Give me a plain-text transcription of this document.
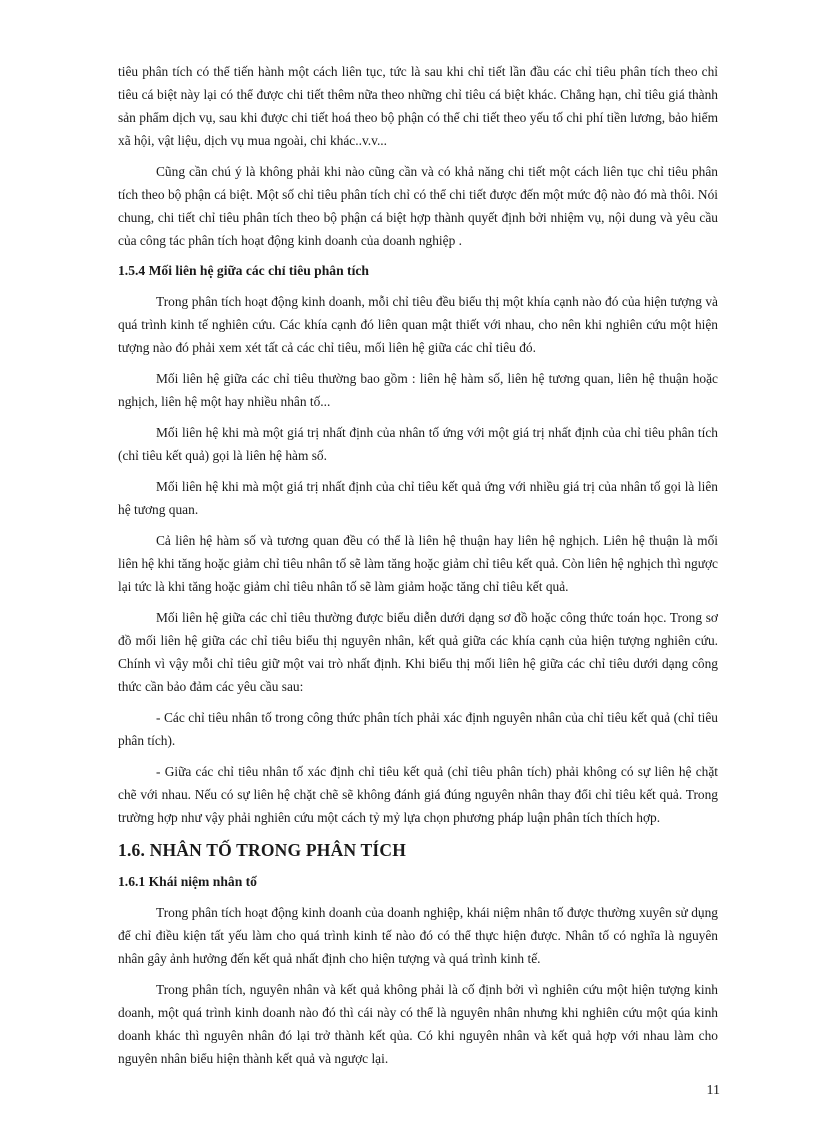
tiêu phân tích có thể tiến hành một cách liên tục, tức là sau khi chỉ tiết lần đầu các chỉ tiêu phân tích theo chỉ tiêu cá biệt này lại có thể được chi tiết thêm nữa theo những chỉ tiêu cá biệt khác. Chẳng hạn, chỉ tiêu giá thành sản phẩm dịch vụ, sau khi được chi tiết hoá theo bộ phận có thể chi tiết theo yếu tố chi phí tiền lương, bảo hiểm xã hội, vật liệu, dịch vụ mua ngoài, chi khác..v.v...

Cũng cần chú ý là không phải khi nào cũng cần và có khả năng chi tiết một cách liên tục chỉ tiêu phân tích theo bộ phận cá biệt. Một số chỉ tiêu phân tích chỉ có thể chi tiết được đến một mức độ nào đó mà thôi. Nói chung, chi tiết chỉ tiêu phân tích theo bộ phận cá biệt hợp thành quyết định bởi nhiệm vụ, nội dung và yêu cầu của công tác phân tích hoạt động kinh doanh của doanh nghiệp .

1.5.4 Mối liên hệ giữa các chỉ tiêu phân tích

Trong phân tích hoạt động kinh doanh, mỗi chỉ tiêu đều biểu thị một khía cạnh nào đó của hiện tượng và quá trình kinh tế nghiên cứu. Các khía cạnh đó liên quan mật thiết với nhau, cho nên khi nghiên cứu một hiện tượng nào đó phải xem xét tất cả các chỉ tiêu, mối liên hệ giữa các chỉ tiêu đó.

Mối liên hệ giữa các chỉ tiêu thường bao gồm : liên hệ hàm số, liên hệ tương quan, liên hệ thuận hoặc nghịch, liên hệ một hay nhiều nhân tố...

Mối liên hệ khi mà một giá trị nhất định của nhân tố ứng với một giá trị nhất định của chỉ tiêu phân tích (chỉ tiêu kết quả) gọi là liên hệ hàm số.

Mối liên hệ khi mà một giá trị nhất định của chỉ tiêu kết quả ứng với nhiều giá trị của nhân tố gọi là liên hệ tương quan.

Cả liên hệ hàm số và tương quan đều có thể là liên hệ thuận hay liên hệ nghịch. Liên hệ thuận là mối liên hệ khi tăng hoặc giảm chỉ tiêu nhân tố sẽ làm tăng hoặc giảm chỉ tiêu kết quả. Còn liên hệ nghịch thì ngược lại tức là khi tăng hoặc giảm chỉ tiêu nhân tố sẽ làm giảm hoặc tăng chỉ tiêu kết quả.

Mối liên hệ giữa các chỉ tiêu thường được biểu diễn dưới dạng sơ đồ hoặc công thức toán học. Trong sơ đồ mối liên hệ giữa các chỉ tiêu biểu thị nguyên nhân, kết quả giữa các khía cạnh của hiện tượng nghiên cứu. Chính vì vậy mỗi chỉ tiêu giữ một vai trò nhất định. Khi biểu thị mối liên hệ giữa các chỉ tiêu dưới dạng công thức cần bảo đảm các yêu cầu sau:

- Các chỉ tiêu nhân tố trong công thức phân tích phải xác định nguyên nhân của chỉ tiêu kết quả (chỉ tiêu phân tích).

- Giữa các chỉ tiêu nhân tố xác định chỉ tiêu kết quả (chỉ tiêu phân tích) phải không có sự liên hệ chặt chẽ với nhau. Nếu có sự liên hệ chặt chẽ sẽ không đánh giá đúng nguyên nhân thay đổi chỉ tiêu kết quả. Trong trường hợp như vậy phải nghiên cứu một cách tỷ mỷ lựa chọn phương pháp luận phân tích thích hợp.

1.6. NHÂN TỐ TRONG PHÂN TÍCH
1.6.1 Khái niệm nhân tố

Trong phân tích hoạt động kinh doanh của doanh nghiệp, khái niệm nhân tố được thường xuyên sử dụng để chỉ điều kiện tất yếu làm cho quá trình kinh tế nào đó có thể thực hiện được. Nhân tố có nghĩa là nguyên nhân gây ảnh hưởng đến kết quả nhất định cho hiện tượng và quá trình kinh tế.

Trong phân tích, nguyên nhân và kết quả không phải là cố định bởi vì nghiên cứu một hiện tượng kinh doanh, một quá trình kinh doanh nào đó thì cái này có thể là nguyên nhân nhưng khi nghiên cứu một qúa kinh doanh khác thì nguyên nhân đó lại trở thành kết qủa. Có khi nguyên nhân và kết quả hợp với nhau làm cho nguyên nhân biểu hiện thành kết quả và ngược lại.

11
